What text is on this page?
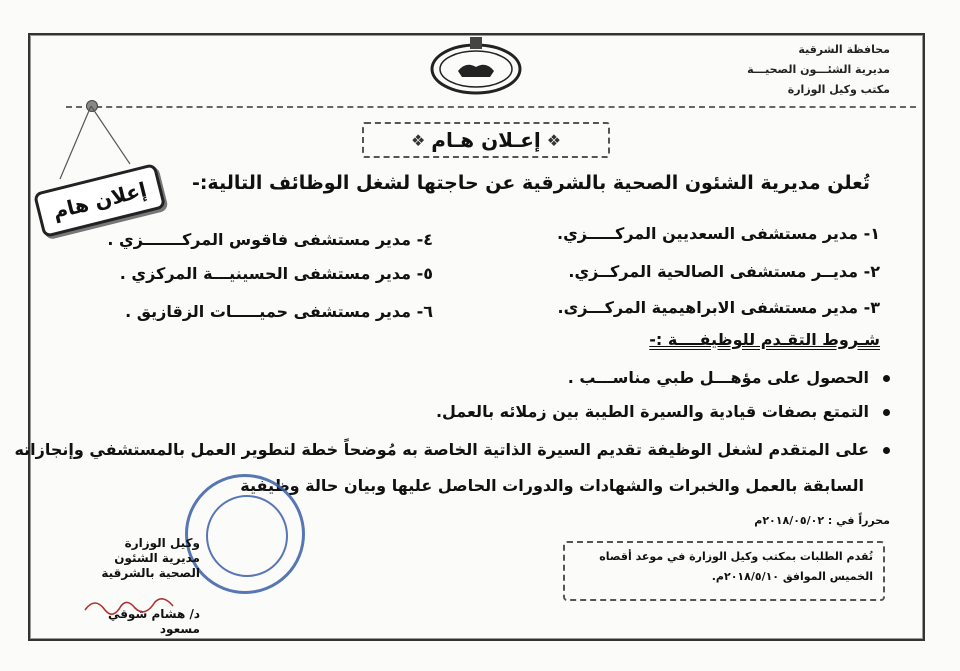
محافظة الشرقية
مديرية الشئـــون الصحيـــة
مكتب وكيل الوزارة
إعلان هام
❖
إعـلان هـام
❖
تُعلن مديرية الشئون الصحية بالشرقية عن حاجتها لشغل الوظائف التالية:-
١- مدير مستشفى السعديين المركـــــزي.
٢- مديــر مستشفى الصالحية المركــزي.
٣- مدير مستشفى الابراهيمية المركـــزى.
٤- مدير مستشفى فاقوس المركـــــــزي .
٥- مدير مستشفى الحسينيـــة المركزي .
٦- مدير مستشفى حميـــــات الزقازيق .
شـروط التقـدم للوظيفــــة :-
الحصول على مؤهـــل طبي مناســـب .
التمتع بصفات قيادية والسيرة الطيبة بين زملائه بالعمل.
على المتقدم لشغل الوظيفة تقديم السيرة الذاتية الخاصة به مُوضحاً خطة لتطوير العمل بالمستشفي وإنجازاته
السابقة بالعمل والخبرات والشهادات والدورات الحاصل عليها وبيان حالة وظيفية
محرراً في : ٢٠١٨/٠٥/٠٢م
تُقدم الطلبات بمكتب وكيل الوزارة في موعد أقصاه
الخميس الموافق ٢٠١٨/٥/١٠م.
وكيل الوزارة
مديرية الشئون الصحية بالشرقية
د/ هشام شوقي مسعود
